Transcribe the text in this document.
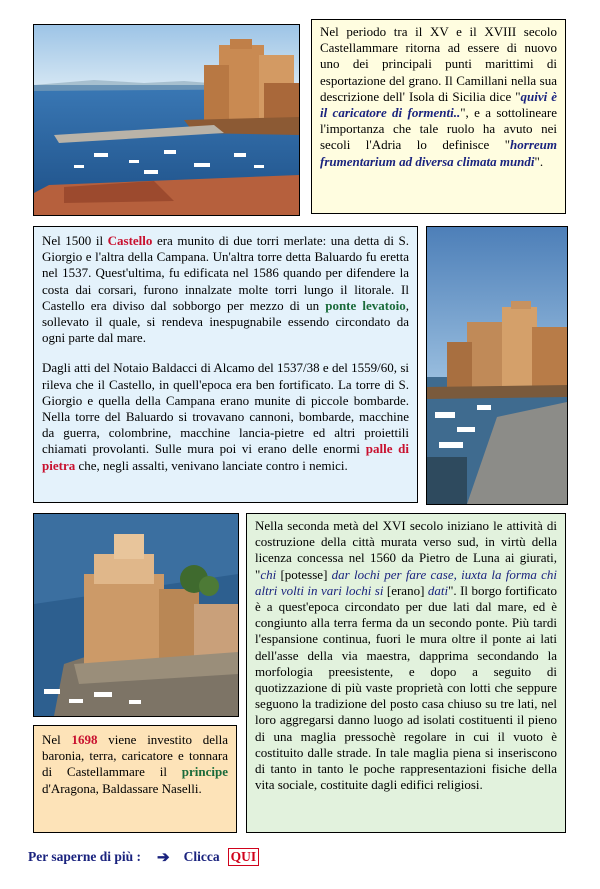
Nel periodo tra il XV e il XVIII secolo Castellammare ritorna ad essere di nuovo uno dei principali punti marittimi di esportazione del grano. Il Camillani nella sua descrizione dell' Isola di Sicilia dice "quivi è il caricatore di formenti..", e a sottolineare l'importanza che tale ruolo ha avuto nei secoli l'Adria lo definisce "horreum frumentarium ad diversa climata mundi".

Nel 1500 il Castello era munito di due torri merlate: una detta di S. Giorgio e l'altra della Campana. Un'altra torre detta Baluardo fu eretta nel 1537. Quest'ultima, fu edificata nel 1586 quando per difendere la costa dai corsari, furono innalzate molte torri lungo il litorale. Il Castello era diviso dal sobborgo per mezzo di un ponte levatoio, sollevato il quale, si rendeva inespugnabile essendo circondato da ogni parte dal mare.

Dagli atti del Notaio Baldacci di Alcamo del 1537/38 e del 1559/60, si rileva che il Castello, in quell'epoca era ben fortificato. La torre di S. Giorgio e quella della Campana erano munite di piccole bombarde. Nella torre del Baluardo si trovavano cannoni, bombarde, macchine da guerra, colombrine, macchine lancia-pietre ed altri proiettili chiamati provolanti. Sulle mura poi vi erano delle enormi palle di pietra che, negli assalti, venivano lanciate contro i nemici.

Nella seconda metà del XVI secolo iniziano le attività di costruzione della città murata verso sud, in virtù della licenza concessa nel 1560 da Pietro de Luna ai giurati, "chi [potesse] dar lochi per fare case, iuxta la forma chi altri volti in vari lochi si [erano] dati". Il borgo fortificato è a quest'epoca circondato per due lati dal mare, ed è congiunto alla terra ferma da un secondo ponte. Più tardi l'espansione continua, fuori le mura oltre il ponte ai lati dell'asse della via maestra, dapprima secondando la morfologia preesistente, e dopo a seguito di quotizzazione di più vaste proprietà con lotti che seppure seguono la tradizione del posto casa chiuso su tre lati, nel loro aggregarsi danno luogo ad isolati costituenti il pieno di una maglia pressochè regolare in cui il vuoto è costituito dalle strade. In tale maglia piena si inseriscono di tanto in tanto le poche rappresentazioni fisiche della vita sociale, costituite dagli edifici religiosi.

Nel 1698 viene investito della baronia, terra, caricatore e tonnara di Castellammare il principe d'Aragona, Baldassare Naselli.

Per saperne di più : ➔ Clicca QUI
